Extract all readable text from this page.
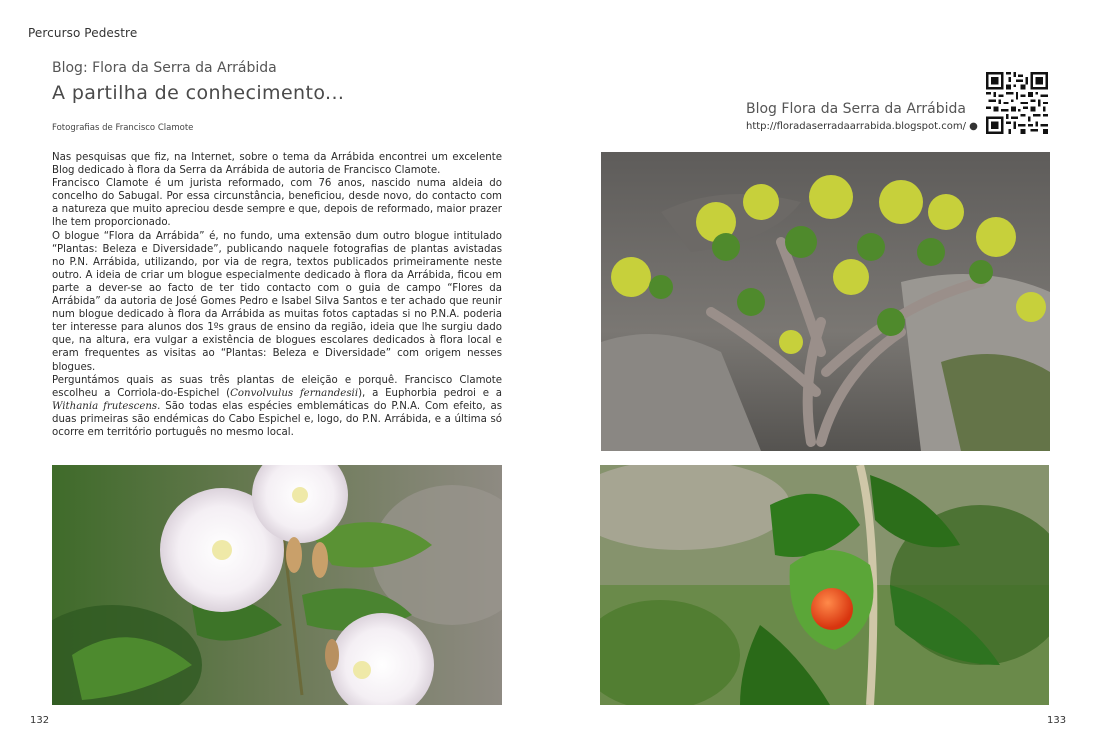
Percurso Pedestre
Blog: Flora da Serra da Arrábida
A partilha de conhecimento...
Fotografias de Francisco Clamote

Nas pesquisas que fiz, na Internet, sobre o tema da Arrábida encontrei um excelente Blog dedicado à flora da Serra da Arrábida de autoria de Francisco Clamote.

Francisco Clamote é um jurista reformado, com 76 anos, nascido numa aldeia do concelho do Sabugal. Por essa circunstância, beneficiou, desde novo, do contacto com a natureza que muito apreciou desde sempre e que, depois de reformado, maior prazer lhe tem proporcionado.

O blogue “Flora da Arrábida” é, no fundo, uma extensão dum outro blogue intitulado “Plantas: Beleza e Diversidade”, publicando naquele fotografias de plantas avistadas no P.N. Arrábida, utilizando, por via de regra, textos publicados primeiramente neste outro. A ideia de criar um blogue especialmente dedicado à flora da Arrábida, ficou em parte a dever-se ao facto de ter tido contacto com o guia de campo “Flores da Arrábida” da autoria de José Gomes Pedro e Isabel Silva Santos e ter achado que reunir num blogue dedicado à flora da Arrábida as muitas fotos captadas si no P.N.A. poderia ter interesse para alunos dos 1ºs graus de ensino da região, ideia que lhe surgiu dado que, na altura, era vulgar a existência de blogues escolares dedicados à flora local e eram frequentes as visitas ao “Plantas: Beleza e Diversidade” com origem nesses blogues.

Perguntámos quais as suas três plantas de eleição e porquê. Francisco Clamote escolheu a Corriola-do-Espichel (Convolvulus fernandesii), a Euphorbia pedroi e a Withania frutescens. São todas elas espécies emblemáticas do P.N.A. Com efeito, as duas primeiras são endémicas do Cabo Espichel e, logo, do P.N. Arrábida, e a última só ocorre em território português no mesmo local.

Blog Flora da Serra da Arrábida
http://floradaserradaarrabida.blogspot.com/ ●
132	133
